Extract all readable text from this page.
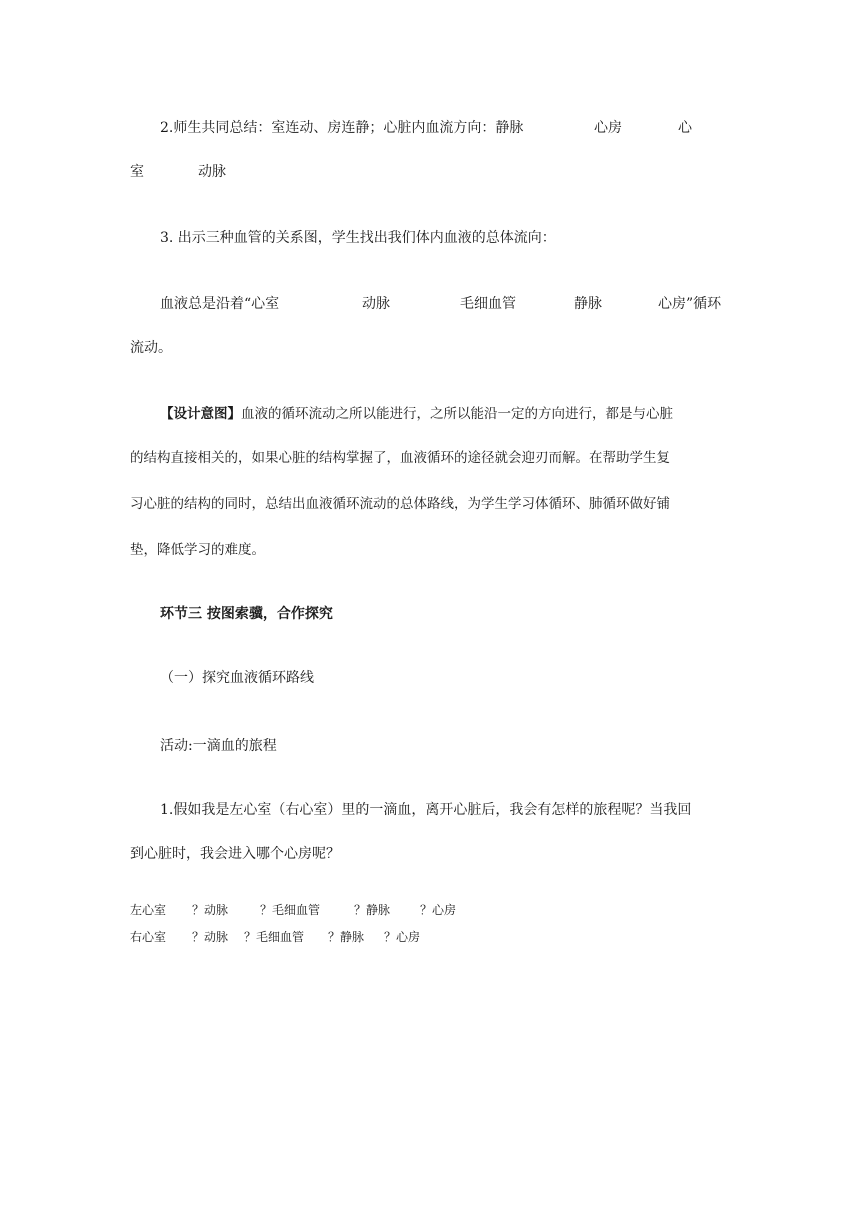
2.师生共同总结：室连动、房连静；心脏内血流方向：静脉	心房	心
室	动脉
3. 出示三种血管的关系图，学生找出我们体内血液的总体流向：
血液总是沿着“心室	动脉	毛细血管	静脉	心房”循环
流动。
【设计意图】血液的循环流动之所以能进行，之所以能沿一定的方向进行，都是与心脏
的结构直接相关的，如果心脏的结构掌握了，血液循环的途径就会迎刃而解。在帮助学生复
习心脏的结构的同时，总结出血液循环流动的总体路线，为学生学习体循环、肺循环做好铺
垫，降低学习的难度。
环节三 按图索骥，合作探究
（一）探究血液循环路线
活动:一滴血的旅程
1.假如我是左心室（右心室）里的一滴血，离开心脏后，我会有怎样的旅程呢？当我回
到心脏时，我会进入哪个心房呢？
左心室 ？动脉	？毛细血管	？静脉 ？心房
右心室 ？动脉 ？毛细血管 ？静脉 ？心房
